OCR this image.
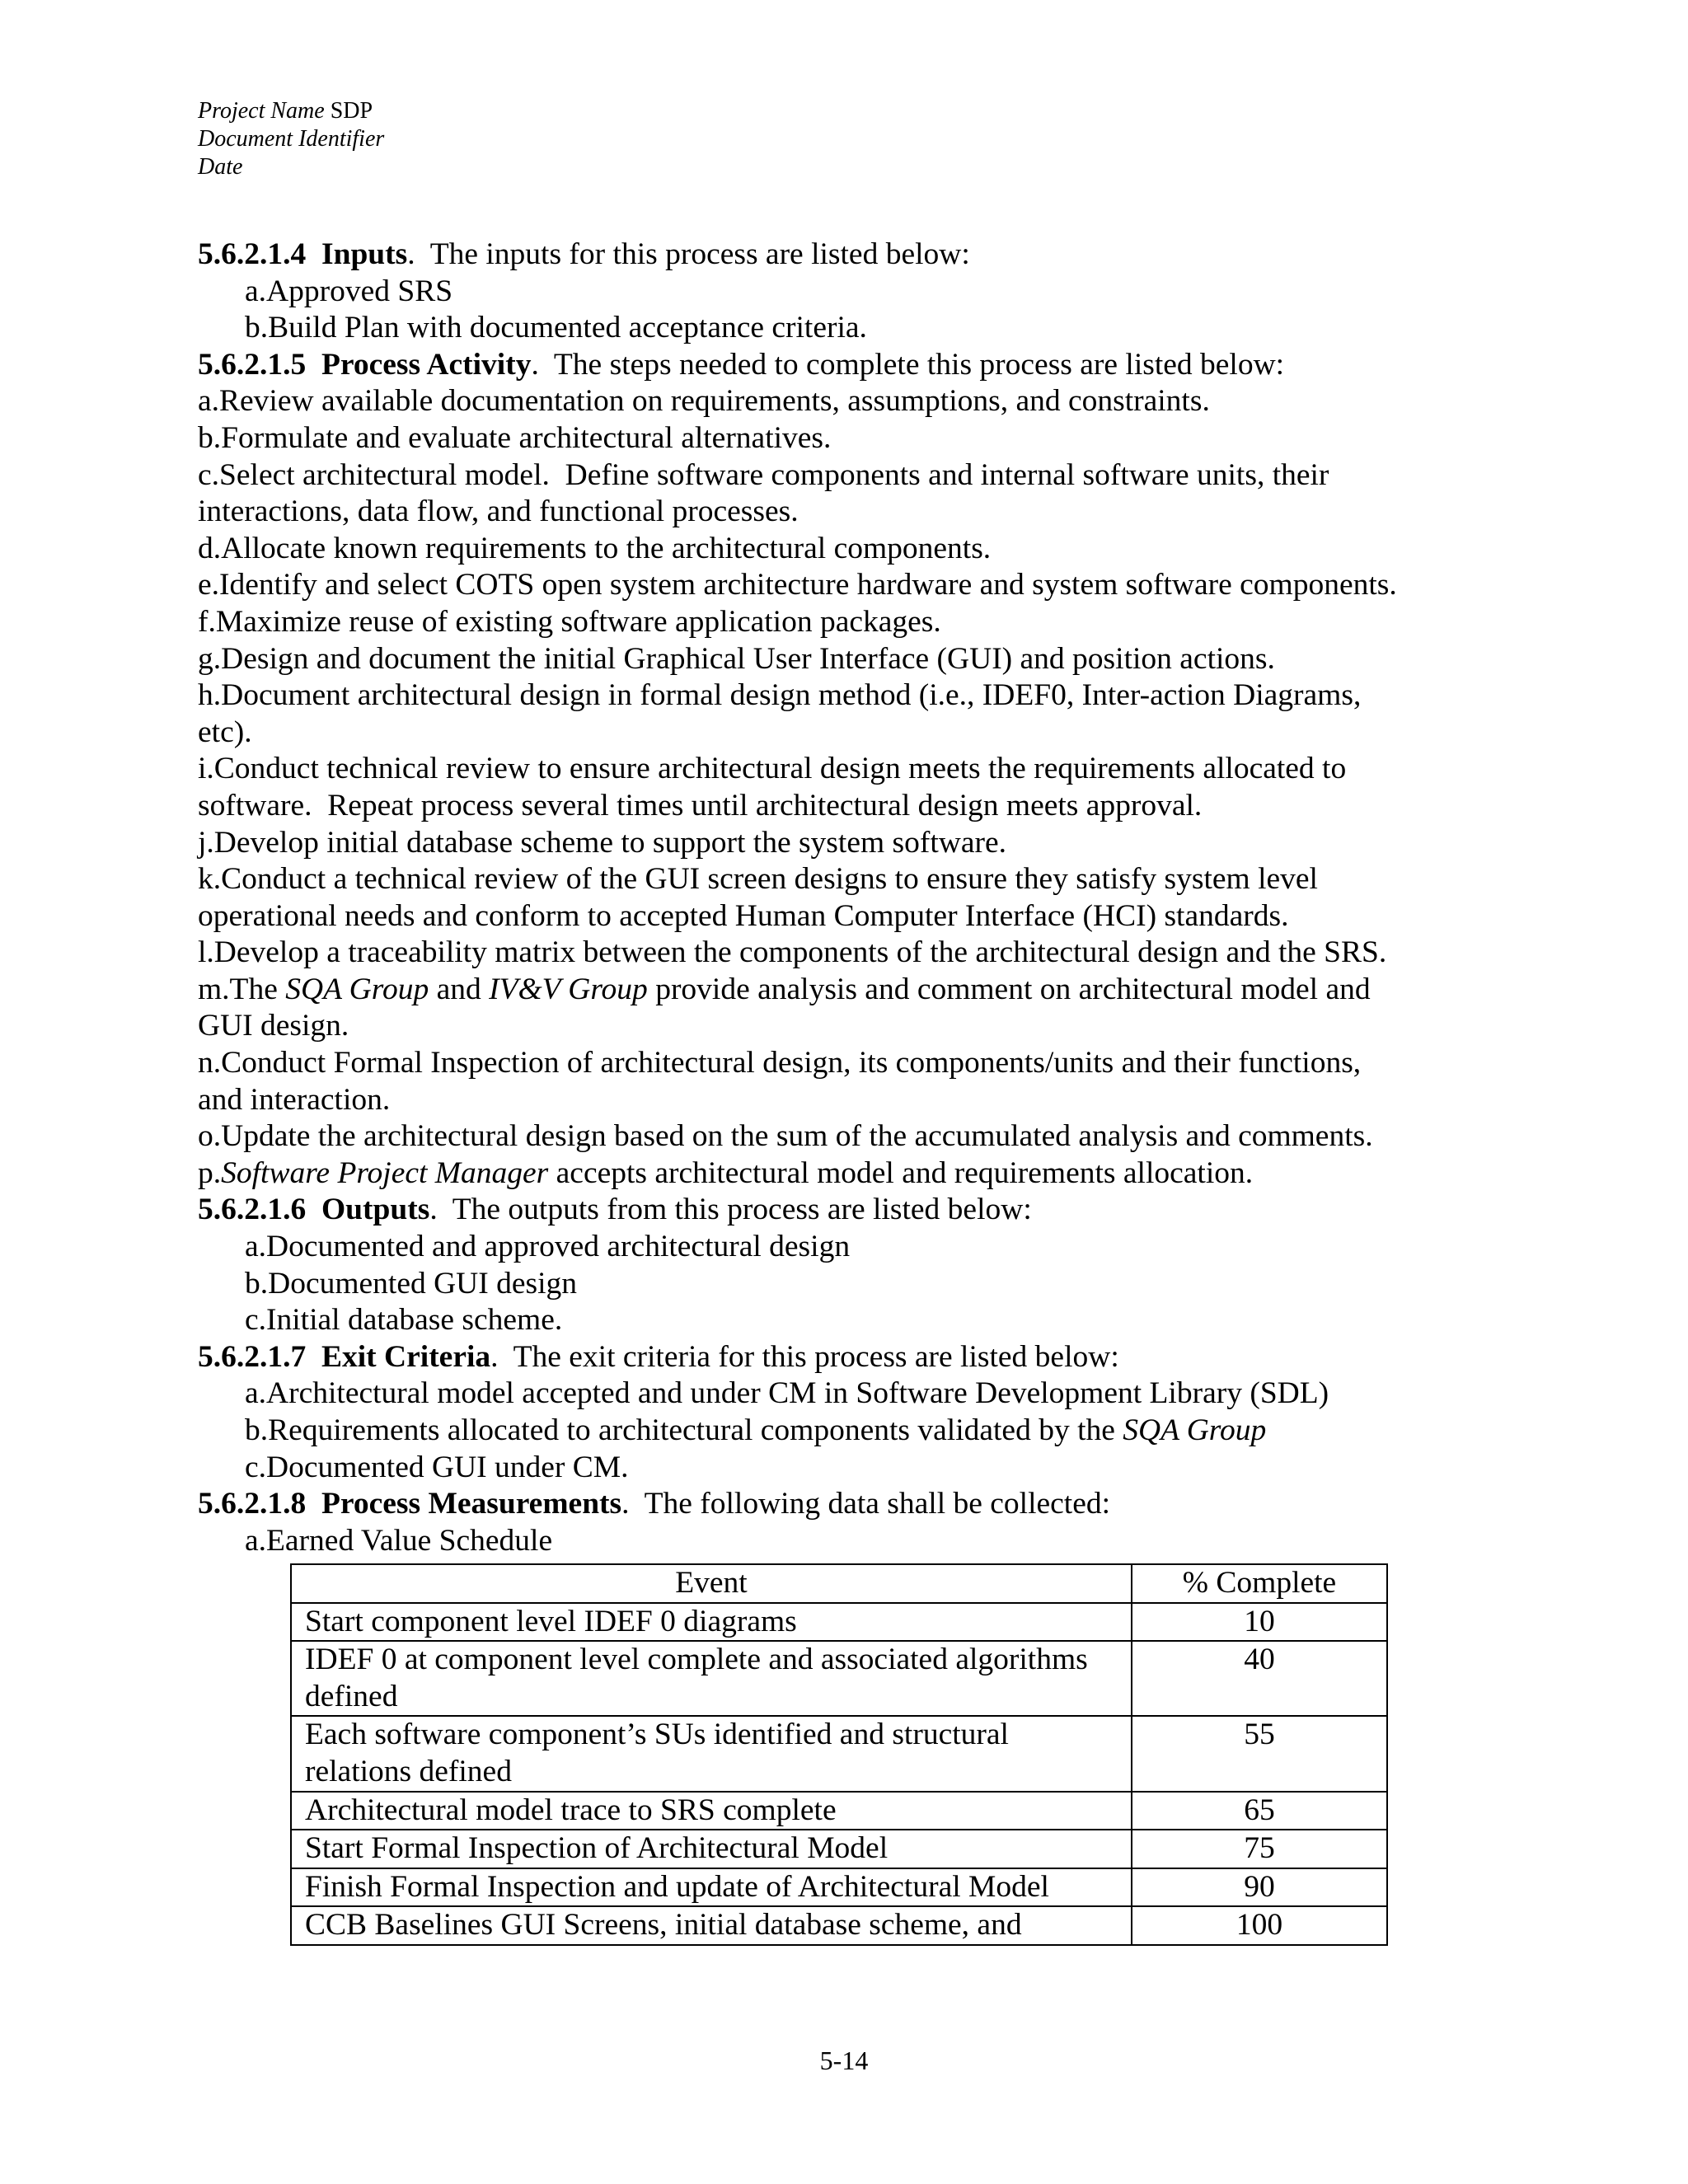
Project Name SDP
Document Identifier
Date
5.6.2.1.4 Inputs.  The inputs for this process are listed below:
a.Approved SRS
b.Build Plan with documented acceptance criteria.
5.6.2.1.5 Process Activity.  The steps needed to complete this process are listed below:
a.Review available documentation on requirements, assumptions, and constraints.
b.Formulate and evaluate architectural alternatives.
c.Select architectural model.  Define software components and internal software units, their
interactions, data flow, and functional processes.
d.Allocate known requirements to the architectural components.
e.Identify and select COTS open system architecture hardware and system software components.
f.Maximize reuse of existing software application packages.
g.Design and document the initial Graphical User Interface (GUI) and position actions.
h.Document architectural design in formal design method (i.e., IDEF0, Inter-action Diagrams,
etc).
i.Conduct technical review to ensure architectural design meets the requirements allocated to
software.  Repeat process several times until architectural design meets approval.
j.Develop initial database scheme to support the system software.
k.Conduct a technical review of the GUI screen designs to ensure they satisfy system level
operational needs and conform to accepted Human Computer Interface (HCI) standards.
l.Develop a traceability matrix between the components of the architectural design and the SRS.
m.The SQA Group and IV&V Group provide analysis and comment on architectural model and
GUI design.
n.Conduct Formal Inspection of architectural design, its components/units and their functions,
and interaction.
o.Update the architectural design based on the sum of the accumulated analysis and comments.
p.Software Project Manager accepts architectural model and requirements allocation.
5.6.2.1.6 Outputs.  The outputs from this process are listed below:
a.Documented and approved architectural design
b.Documented GUI design
c.Initial database scheme.
5.6.2.1.7 Exit Criteria.  The exit criteria for this process are listed below:
a.Architectural model accepted and under CM in Software Development Library (SDL)
b.Requirements allocated to architectural components validated by the SQA Group
c.Documented GUI under CM.
5.6.2.1.8 Process Measurements.  The following data shall be collected:
a.Earned Value Schedule
Event	% Complete
Start component level IDEF 0 diagrams	10
IDEF 0 at component level complete and associated algorithms defined	40
Each software component’s SUs identified and structural relations defined	55
Architectural model trace to SRS complete	65
Start Formal Inspection of Architectural Model	75
Finish Formal Inspection and update of Architectural Model	90
CCB Baselines GUI Screens, initial database scheme, and	100
5-14
